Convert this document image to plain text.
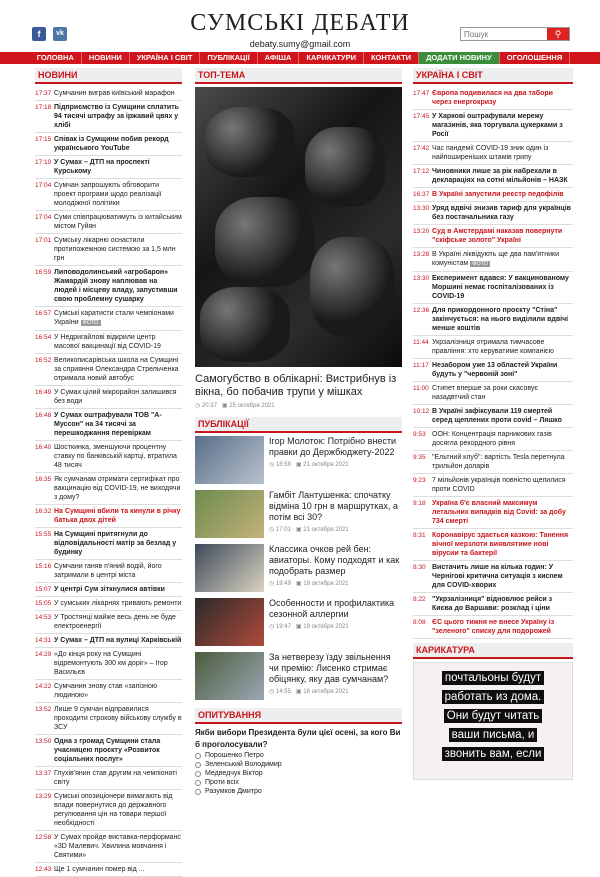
f	vk	СУМСЬКІ ДЕБАТИ
debaty.sumy@gmail.com
Пошук
⚲
ГОЛОВНА	НОВИНИ	УКРАЇНА І СВІТ	ПУБЛІКАЦІЇ	АФІША	КАРИКАТУРИ	КОНТАКТИ	ДОДАТИ НОВИНУ	ОГОЛОШЕННЯ
НОВИНИ
17:37 Сумчанин виграв київський марафон
17:18 Підприємство із Сумщини сплатить 94 тисячі штрафу за іржавий цвях у хлібі
17:15 Співак із Сумщини побив рекорд українського YouTube
17:10 У Сумах – ДТП на проспекті Курському
17:04 Сумчан запрошують обговорити проект програми щодо реалізації молодіжної політики
17:04 Суми співпрацюватимуть із китайським містом Гуйян
17:01 Сумську лікарню оснастили протипожежною системою за 1,5 млн грн
16:59 Липоводолинський «агробарон» Жамардій знову наплював на людей і місцеву владу, запустивши свою проблемну сушарку
16:57 Сумські каратисти стали чемпіонами України ФОТО
16:54 У Недригайлові відкрили центр масової вакцинації від COVID-19
16:52 Великописарівська школа на Сумщині за сприяння Олександра Стрельченка отримала новий автобус
16:49 У Сумах цілий мікрорайон залишився без води
16:48 У Сумах оштрафували ТОВ "А-Муссон" на 34 тисячі за перешкоджання перевіркам
16:40 Шосткинка, зменшуючи процентну ставку по банківській картці, втратила 48 тисяч
16:35 Як сумчанам отримати сертифікат про вакцинацію від COVID-19, не виходячи з дому?
16:32 На Сумщині вбили та кинули в річку батька двох дітей
15:55 На Сумщині притягнули до відповідальності матір за безлад у будинку
15:16 Сумчани ганяв п'яний водій, його затримали в центрі міста
15:07 У центрі Сум зіткнулися автівки
15:05 У сумських лікарнях тривають ремонти
14:53 У Тростянці майже весь день не буде електроенергії
14:31 У Сумах – ДТП на вулиці Харківській
14:29 «До кінця року на Сумщині відремонтують 300 км доріг» – Ігор Васильєв
14:22 Сумчанин знову став «запізною людиною»
13:52 Лише 9 сумчан відправилися проходити строкову військову службу в ЗСУ
13:50 Одна з громад Сумщини стала учасницею проєкту «Розвиток соціальних послуг»
13:37 Глухів'янин став другим на чемпіонаті світу
13:29 Сумські опозиціонери вимагають від влади повернутися до державного регулювання цін на товари першої необхідності
12:58 У Сумах пройде виставка-перформанс «3D Малевич. Хвилина мовчання і Святими»
12:43 Ще 1 сумчанин помер від ...
ТОП-ТЕМА
Самогубство в облікарні: Вистрибнув із вікна, бо побачив трупи у мішках
◷ 20:37   ▣ 25 октября 2021
ПУБЛІКАЦІЇ
Ігор Молоток: Потрібно внести правки до Держбюджету-2022
◷ 18:59   ▣ 21 октября 2021
Гамбіт Лантушенка: спочатку відміна 10 грн в маршрутках, а потім всі 30?
◷ 17:01   ▣ 21 октября 2021
Классика очков рей бен: авиаторы. Кому подходят и как подобрать размер
◷ 19:49   ▣ 19 октября 2021
Особенности и профилактика сезонной аллергии
◷ 19:47   ▣ 19 октября 2021
За нетверезу їзду звільнення чи премію: Лисенко стримає обіцянку, яку дав сумчанам?
◷ 14:55   ▣ 18 октября 2021
ОПИТУВАННЯ
Якби вибори Президента були цієї осені, за кого Ви б проголосували?
Порошенко Петро
Зеленський Володимир
Медведчук Віктор
Проти всіх
Разумков Дмитро
УКРАЇНА І СВІТ
17:47 Європа подивилася на два табори через енергокризу
17:45 У Харкові оштрафували мережу магазинів, яка торгувала цукерками з Росії
17:42 Час пандемії COVID-19 зник один із найпоширеніших штамів грипу
17:12 Чиновники лише за рік набрехали в деклараціях на сотні мільйонів – НАЗК
16:37 В Україні запустили реєстр педофілів
13:30 Уряд вдвічі знизив тариф для українців без постачальника газу
13:20 Суд в Амстердамі наказав повернути "скіфське золото" Україні
13:28 В Україні ліквідують ще два пам'ятники комуністам ФОТО
13:30 Експеримент вдався: У вакцинованому Моршині немає госпіталізованих із COVID-19
12:36 Для прикордонного проєкту "Стіна" закінчується: на нього виділили вдвічі менше коштів
11:44 Укрзалізниця отримала тимчасове правління: хто керуватиме компанією
11:17 Незабором уже 13 областей України будуть у "червоній зоні"
11:00 Стипет вперше за роки скасовує назадвтчий стан
10:12 В Україні зафіксували 119 смертей серед щеплених проти covid – Ляшко
9:53 ООН: Концентрація парникових газів досягла рекордного рівня
9:35 "Ельтний клуб": вартість Tesla перетнула трильйон доларів
9:23 7 мільйонів українців повністю щепилися проти COVID
9:18 Україна б'є власний максимум летальних випадків від Covid: за добу 734 смерті
8:31 Коронавірус здається казкою: Танення вічної мерзлоти виявлятиме нові вірусии та бактерії
8:30 Вистачить лише на кілька годин: У Чернігові критична ситуація з кисnем для COVID-хворих
8:22 "Укрзалізниця" відновлює рейси з Києва до Варшави: розклад і ціни
8:08 ЄС цього тижня не внесе Україну із "зеленого" списку для подорожей
КАРИКАТУРА
почтальоны будут
работать из дома.
Они будут читать
ваши письма, и
звонить вам, если
